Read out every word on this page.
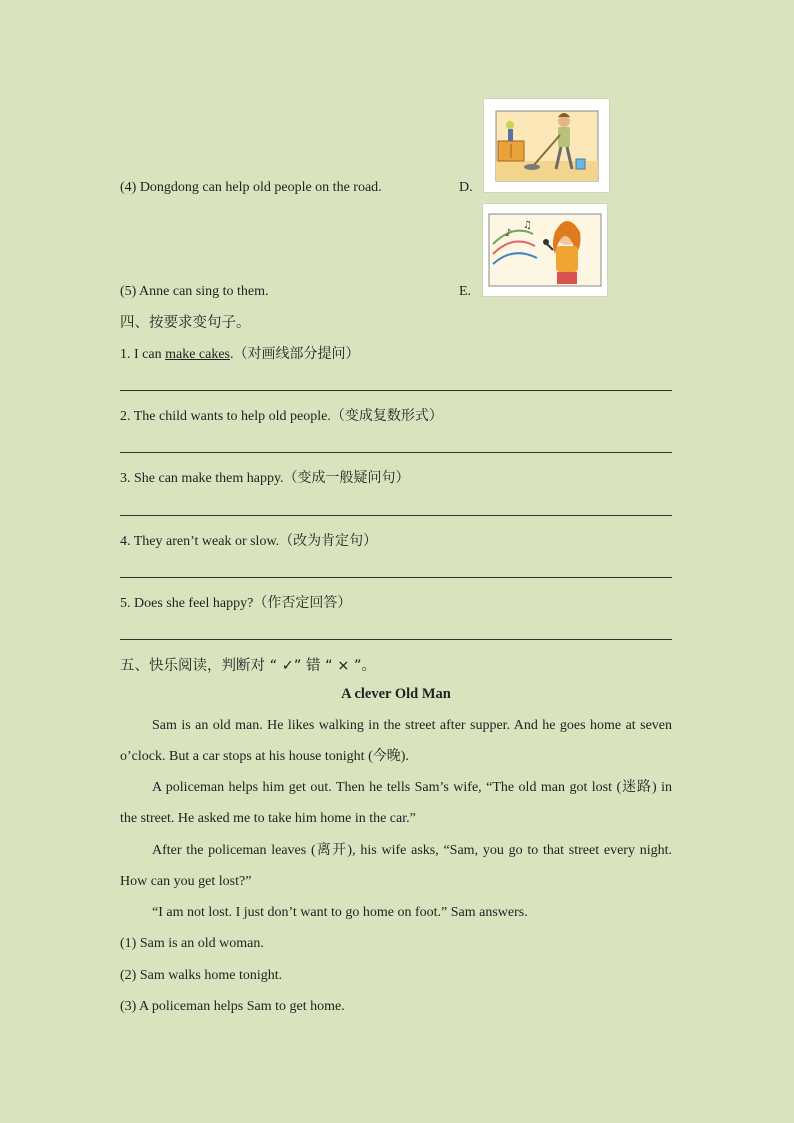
(4) Dongdong can help old people on the road.	D.
♪
♫
(5) Anne can sing to them.	E.
四、按要求变句子。
1. I can make cakes.（对画线部分提问）
2. The child wants to help old people.（变成复数形式）
3. She can make them happy.（变成一般疑问句）
4. They aren’t weak or slow.（改为肯定句）
5. Does she feel happy?（作否定回答）
五、快乐阅读，判断对 “ ✓” 错 “ × ”。
A clever Old Man
Sam is an old man. He likes walking in the street after supper. And he goes home at seven o’clock. But a car stops at his house tonight (今晚).
A policeman helps him get out. Then he tells Sam’s wife, “The old man got lost (迷路) in the street. He asked me to take him home in the car.”
After the policeman leaves (离开), his wife asks, “Sam, you go to that street every night. How can you get lost?”
“I am not lost. I just don’t want to go home on foot.” Sam answers.
(1) Sam is an old woman.
(2) Sam walks home tonight.
(3) A policeman helps Sam to get home.
